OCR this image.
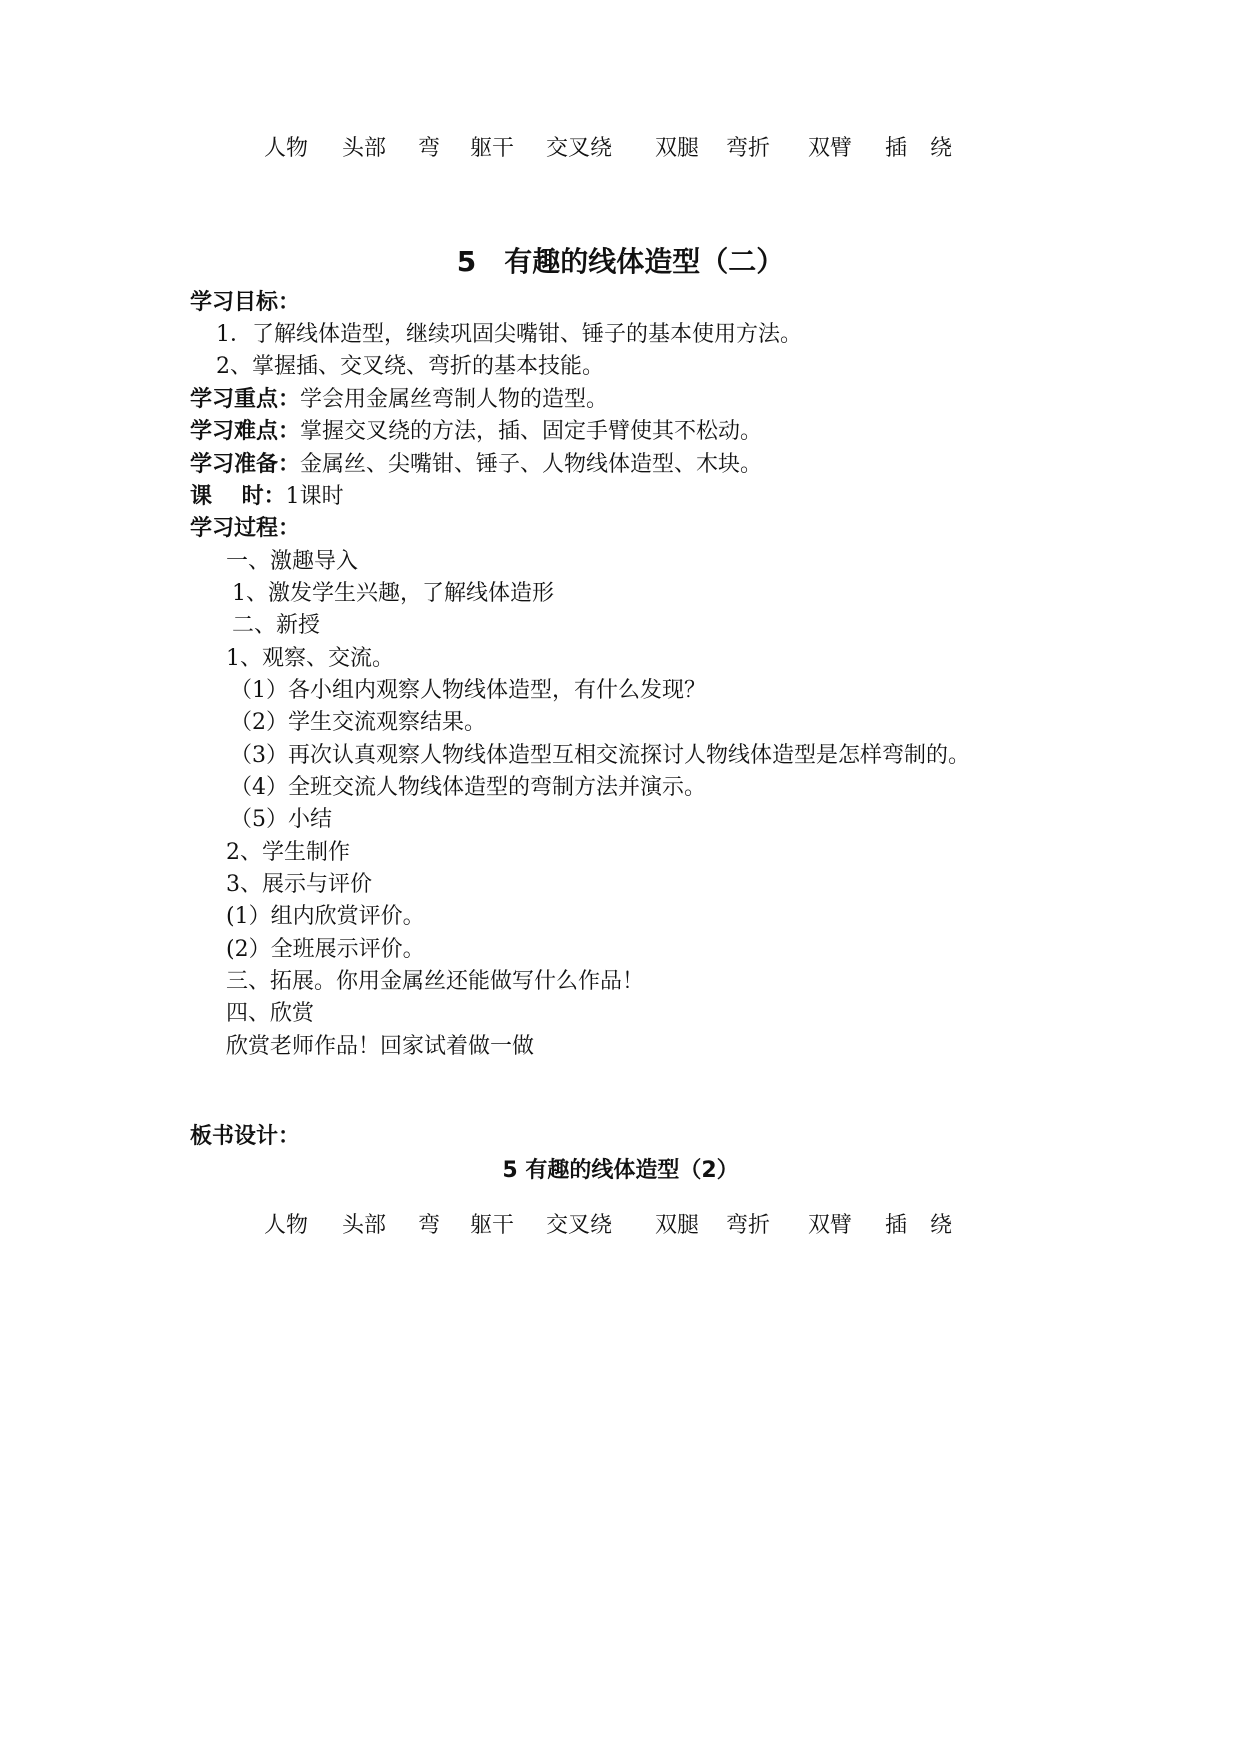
人物 头部 弯 躯干 交叉绕 双腿 弯折 双臂 插 绕
5　有趣的线体造型（二）
学习目标：
1．了解线体造型，继续巩固尖嘴钳、锤子的基本使用方法。
2、掌握插、交叉绕、弯折的基本技能。
学习重点：学会用金属丝弯制人物的造型。
学习难点：掌握交叉绕的方法，插、固定手臂使其不松动。
学习准备：金属丝、尖嘴钳、锤子、人物线体造型、木块。
课　 时：1课时
学习过程：
一、激趣导入
1、激发学生兴趣，了解线体造形
二、新授
1、观察、交流。
（1）各小组内观察人物线体造型，有什么发现？
（2）学生交流观察结果。
（3）再次认真观察人物线体造型互相交流探讨人物线体造型是怎样弯制的。
（4）全班交流人物线体造型的弯制方法并演示。
（5）小结
2、学生制作
3、展示与评价
(1）组内欣赏评价。
(2）全班展示评价。
三、拓展。你用金属丝还能做写什么作品！
四、欣赏
欣赏老师作品！回家试着做一做
板书设计：
5 有趣的线体造型（2）
人物 头部 弯 躯干 交叉绕 双腿 弯折 双臂 插 绕
